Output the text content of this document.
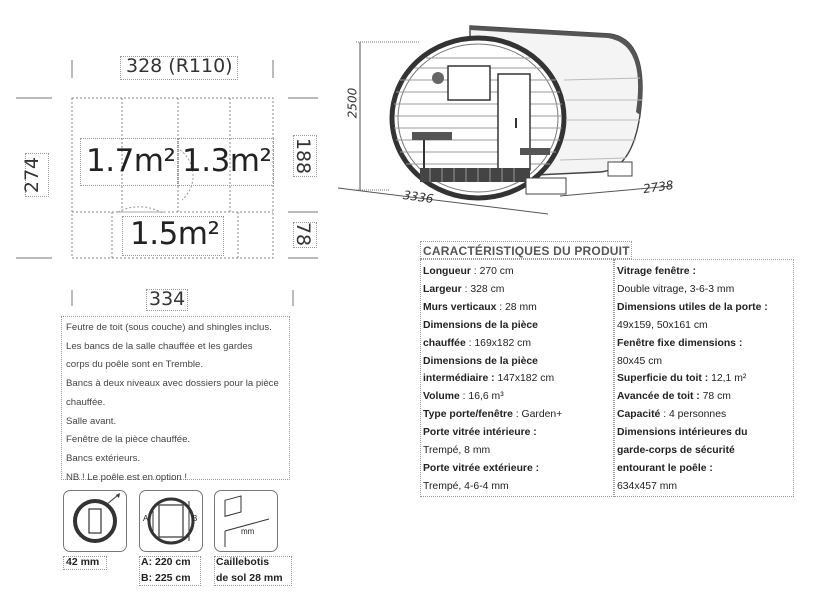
328 (R110)
334
274
188
78
1.7m² 1.3m²
1.5m²
2500
3336
2738
Feutre de toit (sous couche) and shingles inclus.
Les bancs de la salle chauffée et les gardes
corps du poêle sont en Tremble.
Bancs à deux niveaux avec dossiers pour la pièce
chauffée.
Salle avant.
Fenêtre de la pièce chauffée.
Bancs extérieurs.
NB ! Le poêle est en option !
CARACTÉRISTIQUES DU PRODUIT
Longueur : 270 cm
Largeur : 328 cm
Murs verticaux : 28 mm
Dimensions de la pièce
chauffée : 169x182 cm
Dimensions de la pièce
intermédiaire : 147x182 cm
Volume : 16,6 m³
Type porte/fenêtre : Garden+
Porte vitrée intérieure :
Trempé, 8 mm
Porte vitrée extérieure :
Trempé, 4-6-4 mm
Vitrage fenêtre :
Double vitrage, 3-6-3 mm
Dimensions utiles de la porte :
49x159, 50x161 cm
Fenêtre fixe dimensions :
80x45 cm
Superficie du toit : 12,1 m²
Avancée de toit : 78 cm
Capacité : 4 personnes
Dimensions intérieures du
garde-corps de sécurité
entourant le poêle :
634x457 mm
42 mm
A	B
A: 220 cm
B: 225 cm
mm
Caillebotis
de sol 28 mm
